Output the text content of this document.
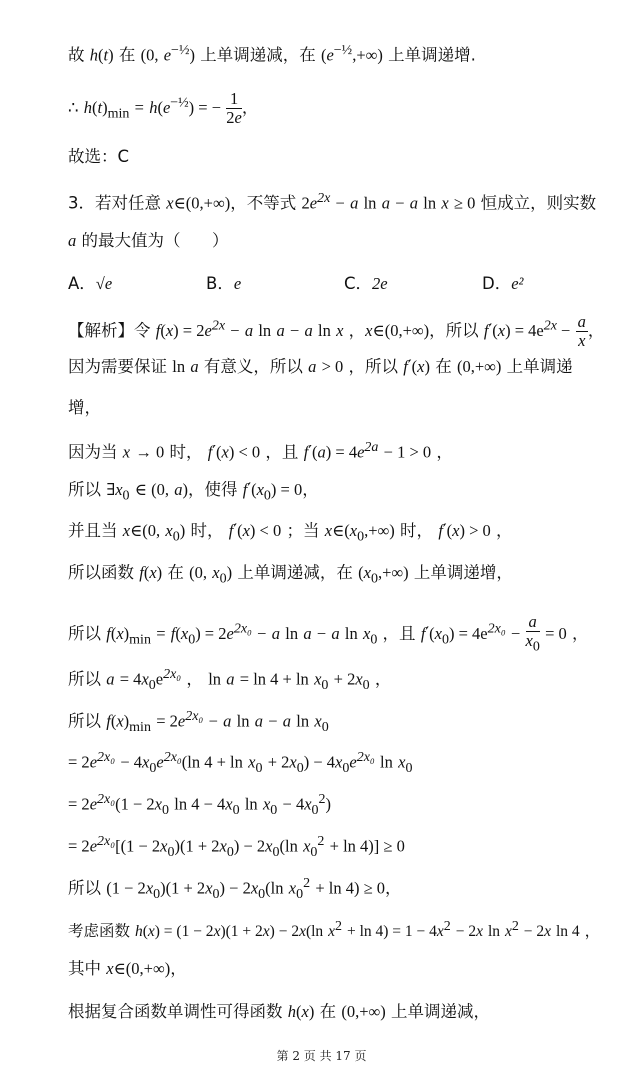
故 h(t) 在 (0, $e^{-\frac{1}{2}}$) 上单调递减，在 $(e^{-\frac{1}{2}},+\infty)$ 上单调递增.
∴ $h(t)_{min} = h(e^{-\frac{1}{2}})$ = − $\frac{1}{2e}$ ，
故选：C
3．若对任意 x∈(0,+∞)，不等式 $2e^{2x} - a$ ln a − a ln x ≥ 0 恒成立，则实数
a 的最大值为（      ）
A．√e	B．e	C．2e	D．e²
【解析】令 $f(x) = 2e^{2x} - a$ ln a − a ln x ，x∈(0,+∞)，所以 $f'(x) = 4e^{2x} - \frac{a}{x}$ ，
因为需要保证 ln a 有意义，所以 a > 0 ，所以 f′(x) 在 (0,+∞) 上单调递
增，
因为当 x → 0 时， f′(x) < 0 ，且 $f'(a) = 4e^{2a} - 1 > 0$ ，
所以 $\exists x_0$ ∈ (0, a)，使得 $f'(x_0) = 0$，
并且当 x∈(0, $x_0$) 时， f′(x) < 0 ；当 $x\in(x_0,+\infty)$ 时， f′(x) > 0 ，
所以函数 f(x) 在 (0, $x_0$) 上单调递减，在 $(x_0,+\infty)$ 上单调递增，
所以 $f(x)_{min} = f(x_0) = 2e^{2x_0} - a$ ln a − a $\ln x_0$ ，且 $f'(x_0) = 4e^{2x_0} - \frac{a}{x_0} = 0$ ，
所以 $a = 4x_0e^{2x_0}$ ， $\ln a = \ln 4 + \ln x_0 + 2x_0$ ，
所以 $f(x)_{min} = 2e^{2x_0} - a$ ln a − a $\ln x_0$
= $2e^{2x_0} - 4x_0e^{2x_0}(\ln$ $4 + \ln x_0 + 2x_0) - 4x_0e^{2x_0}$ $\ln x_0$
= $2e^{2x_0}(1 - 2x_0$ $\ln 4 - 4x_0$ $\ln x_0 - 4x_0^2$)
= $2e^{2x_0}[(1 - 2x_0)(1 + 2x_0) - 2x_0(\ln$ $x_0^2 + \ln 4)] \ge 0$
所以 $(1 - 2x_0)(1 + 2x_0) - 2x_0(\ln$ $x_0^2 + \ln 4) \ge 0$，
考虑函数 h(x) = (1 − 2x)(1 + 2x) − 2x(ln $x^2 + \ln 4) = 1 - 4x^2 - 2x$ $\ln x^2 - 2x$ ln 4 ，
其中 x∈(0,+∞)，
根据复合函数单调性可得函数 h(x) 在 (0,+∞) 上单调递减，
第 2 页 共 17 页
